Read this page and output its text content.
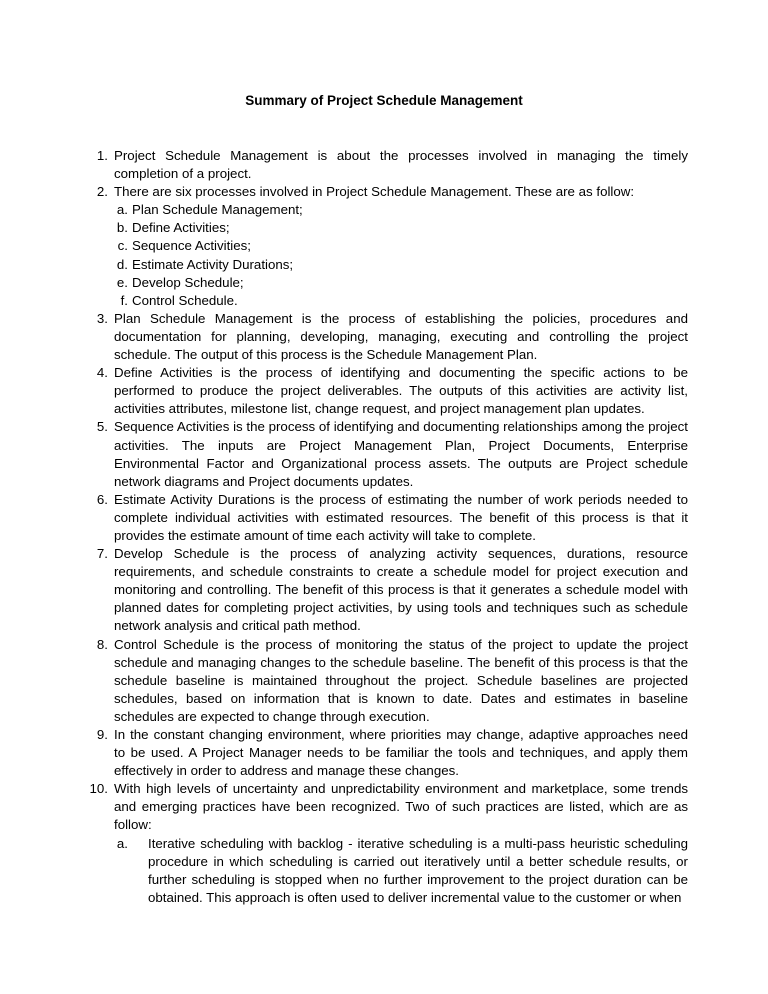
Summary of Project Schedule Management
1. Project Schedule Management is about the processes involved in managing the timely completion of a project.
2. There are six processes involved in Project Schedule Management. These are as follow:
a. Plan Schedule Management;
b. Define Activities;
c. Sequence Activities;
d. Estimate Activity Durations;
e. Develop Schedule;
f. Control Schedule.
3. Plan Schedule Management is the process of establishing the policies, procedures and documentation for planning, developing, managing, executing and controlling the project schedule. The output of this process is the Schedule Management Plan.
4. Define Activities is the process of identifying and documenting the specific actions to be performed to produce the project deliverables. The outputs of this activities are activity list, activities attributes, milestone list, change request, and project management plan updates.
5. Sequence Activities is the process of identifying and documenting relationships among the project activities. The inputs are Project Management Plan, Project Documents, Enterprise Environmental Factor and Organizational process assets. The outputs are Project schedule network diagrams and Project documents updates.
6. Estimate Activity Durations is the process of estimating the number of work periods needed to complete individual activities with estimated resources. The benefit of this process is that it provides the estimate amount of time each activity will take to complete.
7. Develop Schedule is the process of analyzing activity sequences, durations, resource requirements, and schedule constraints to create a schedule model for project execution and monitoring and controlling. The benefit of this process is that it generates a schedule model with planned dates for completing project activities, by using tools and techniques such as schedule network analysis and critical path method.
8. Control Schedule is the process of monitoring the status of the project to update the project schedule and managing changes to the schedule baseline. The benefit of this process is that the schedule baseline is maintained throughout the project. Schedule baselines are projected schedules, based on information that is known to date. Dates and estimates in baseline schedules are expected to change through execution.
9. In the constant changing environment, where priorities may change, adaptive approaches need to be used. A Project Manager needs to be familiar the tools and techniques, and apply them effectively in order to address and manage these changes.
10. With high levels of uncertainty and unpredictability environment and marketplace, some trends and emerging practices have been recognized. Two of such practices are listed, which are as follow:
a. Iterative scheduling with backlog - iterative scheduling is a multi-pass heuristic scheduling procedure in which scheduling is carried out iteratively until a better schedule results, or further scheduling is stopped when no further improvement to the project duration can be obtained. This approach is often used to deliver incremental value to the customer or when
